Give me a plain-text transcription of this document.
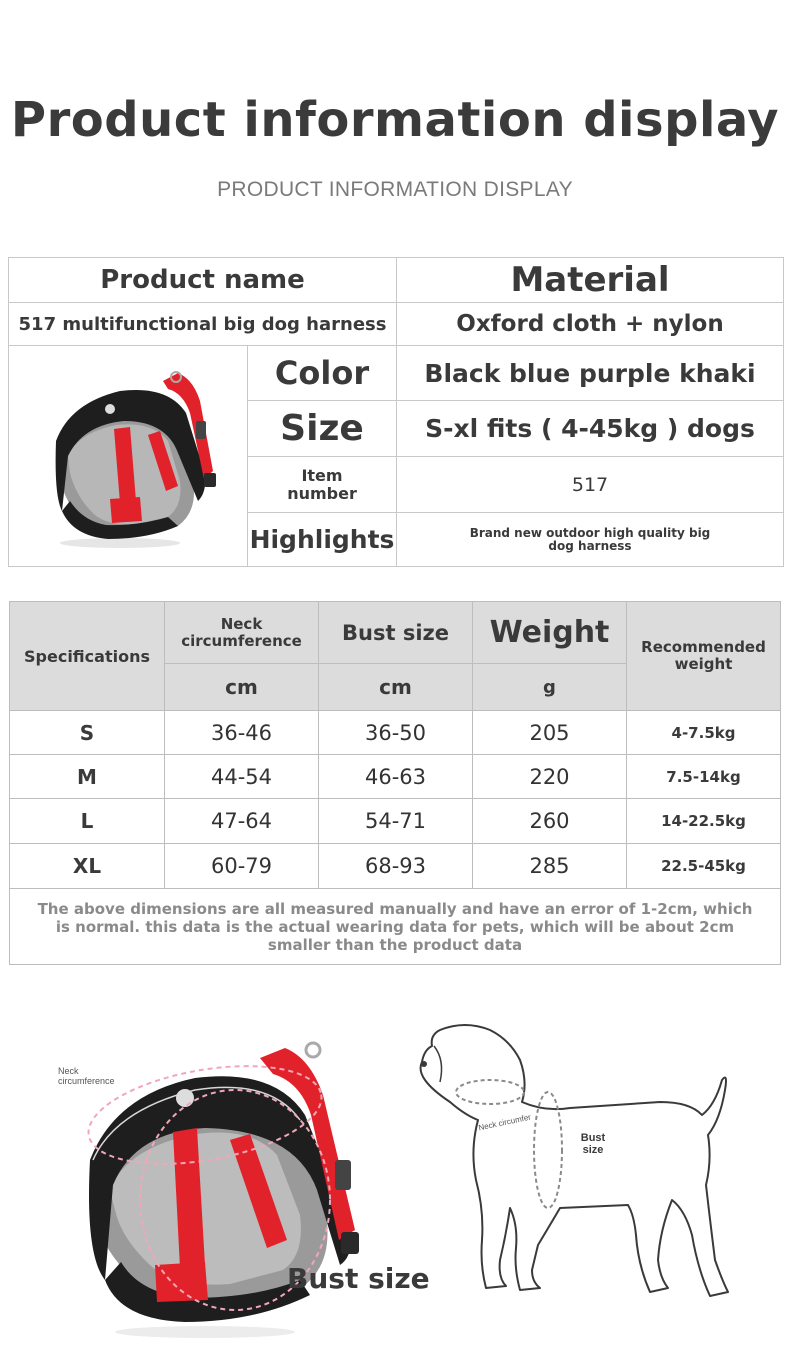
Product information display
PRODUCT INFORMATION DISPLAY
Product name	Material
517 multifunctional big dog harness	Oxford cloth + nylon
Color	Black blue purple khaki
Size	S-xl fits ( 4-45kg ) dogs
Item number	517
Highlights	Brand new outdoor high quality big dog harness
Specifications
Neck circumference	Bust size	Weight	Recommended weight
cm	cm	g
S	36-46	36-50	205	4-7.5kg
M	44-54	46-63	220	7.5-14kg
L	47-64	54-71	260	14-22.5kg
XL	60-79	68-93	285	22.5-45kg
The above dimensions are all measured manually and have an error of 1-2cm, which is normal. this data is the actual wearing data for pets, which will be about 2cm smaller than the product data
Neck circumference
Bust size
Neck circumfer
Bust size
